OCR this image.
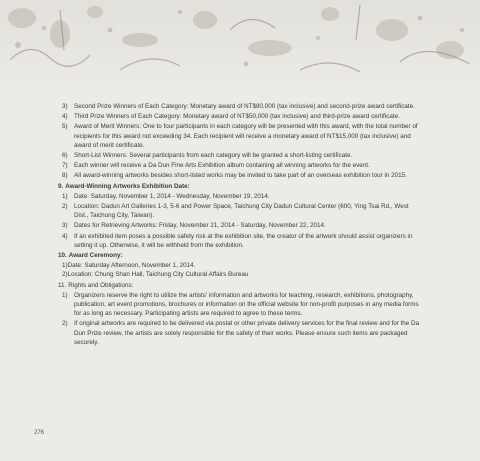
3) Second Prize Winners of Each Category: Monetary award of NT$80,000 (tax inclusive) and second-prize award certificate.
4) Third Prize Winners of Each Category: Monetary award of NT$50,000 (tax inclusive) and third-prize award certificate.
5) Award of Merit Winners: One to four participants in each category will be presented with this award, with the total number of recipients for this award not exceeding 34. Each recipient will receive a monetary award of NT$15,000 (tax inclusive) and award of merit certificate.
6) Short-List Winners: Several participants from each category will be granted a short-listing certificate.
7) Each winner will receive a Da Dun Fine Arts Exhibition album containing all winning artworks for the event.
8) All award-winning artworks besides short-listed works may be invited to take part of an overseas exhibition tour in 2015.
9. Award-Winning Artworks Exhibition Date:
1) Date: Saturday, November 1, 2014 - Wednesday, November 19, 2014.
2) Location: Dadun Art Galleries 1-3, 5-6 and Power Space, Taichung City Dadun Cultural Center (600, Ying Tsai Rd., West Dist., Taichung City, Taiwan).
3) Dates for Retrieving Artworks: Friday, November 21, 2014 - Saturday, November 22, 2014.
4) If an exhibited item poses a possible safety risk at the exhibition site, the creator of the artwork should assist organizers in setting it up. Otherwise, it will be withheld from the exhibition.
10. Award Ceremony:
1)Date: Saturday Afternoon, November 1, 2014.
2)Location: Chung Shan Hall, Taichung City Cultural Affairs Bureau
11. Rights and Obligations:
1) Organizers reserve the right to utilize the artists' information and artworks for teaching, research, exhibitions, photography, publication, art event promotions, brochures or information on the official website for non-profit purposes in any media forms for as long as necessary. Participating artists are required to agree to these terms.
2) If original artworks are required to be delivered via postal or other private delivery services for the final review and for the Da Dun Prize review, the artists are solely responsible for the safety of their works. Please ensure such items are packaged securely.
276
